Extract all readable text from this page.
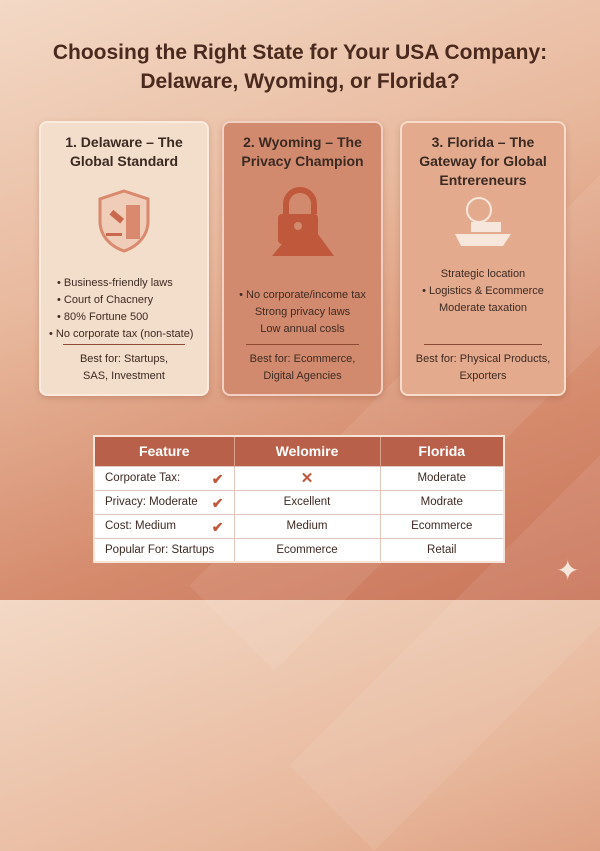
Choosing the Right State for Your USA Company:
Delaware, Wyoming, or Florida?
1. Delaware – The
Global Standard
• Business-friendly laws
• Court of Chacnery
• 80% Fortune 500
• No corporate tax (non-state)
Best for: Startups,
SAS, Investment
2. Wyoming – The
Privacy Champion
• No corporate/income tax
Strong privacy laws
Low annual cosls
Best for: Ecommerce,
Digital Agencies
3. Florida – The
Gateway for Global
Entrereneurs
Strategic location
• Logistics & Ecommerce
Moderate taxation
Best for: Physical Products,
Exporters
Feature	Welomire	Florida
Corporate Tax: ✔	✕	Moderate
Privacy: Moderate ✔	Excellent	Modrate
Cost: Medium ✔	Medium	Ecommerce
Popular For: Startups	Ecommerce	Retail
✦
